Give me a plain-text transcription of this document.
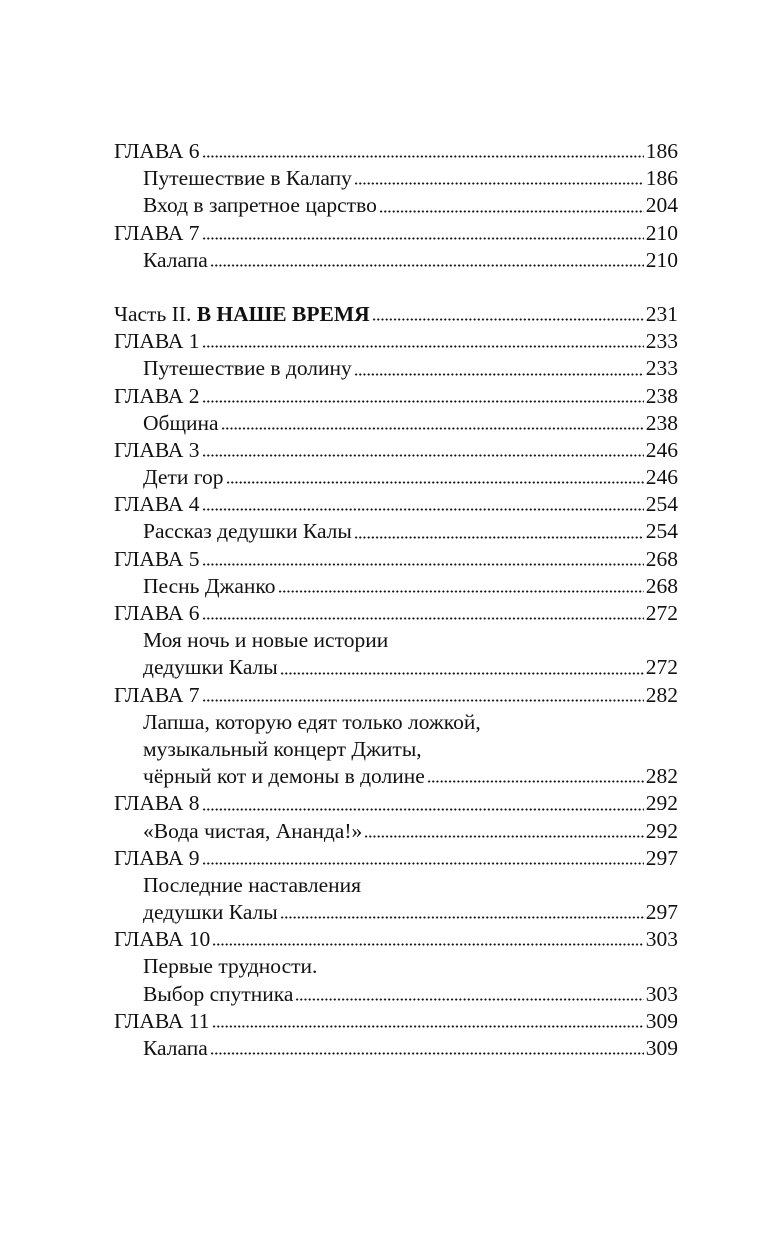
ГЛАВА 6	186
Путешествие в Калапу	186
Вход в запретное царство	204
ГЛАВА 7	210
Калапа	210
Часть II. В НАШЕ ВРЕМЯ	231
ГЛАВА 1	233
Путешествие в долину	233
ГЛАВА 2	238
Община	238
ГЛАВА 3	246
Дети гор	246
ГЛАВА 4	254
Рассказ дедушки Калы	254
ГЛАВА 5	268
Песнь Джанко	268
ГЛАВА 6	272
Моя ночь и новые истории
дедушки Калы	272
ГЛАВА 7	282
Лапша, которую едят только ложкой,
музыкальный концерт Джиты,
чёрный кот и демоны в долине	282
ГЛАВА 8	292
«Вода чистая, Ананда!»	292
ГЛАВА 9	297
Последние наставления
дедушки Калы	297
ГЛАВА 10	303
Первые трудности.
Выбор спутника	303
ГЛАВА 11	309
Калапа	309
